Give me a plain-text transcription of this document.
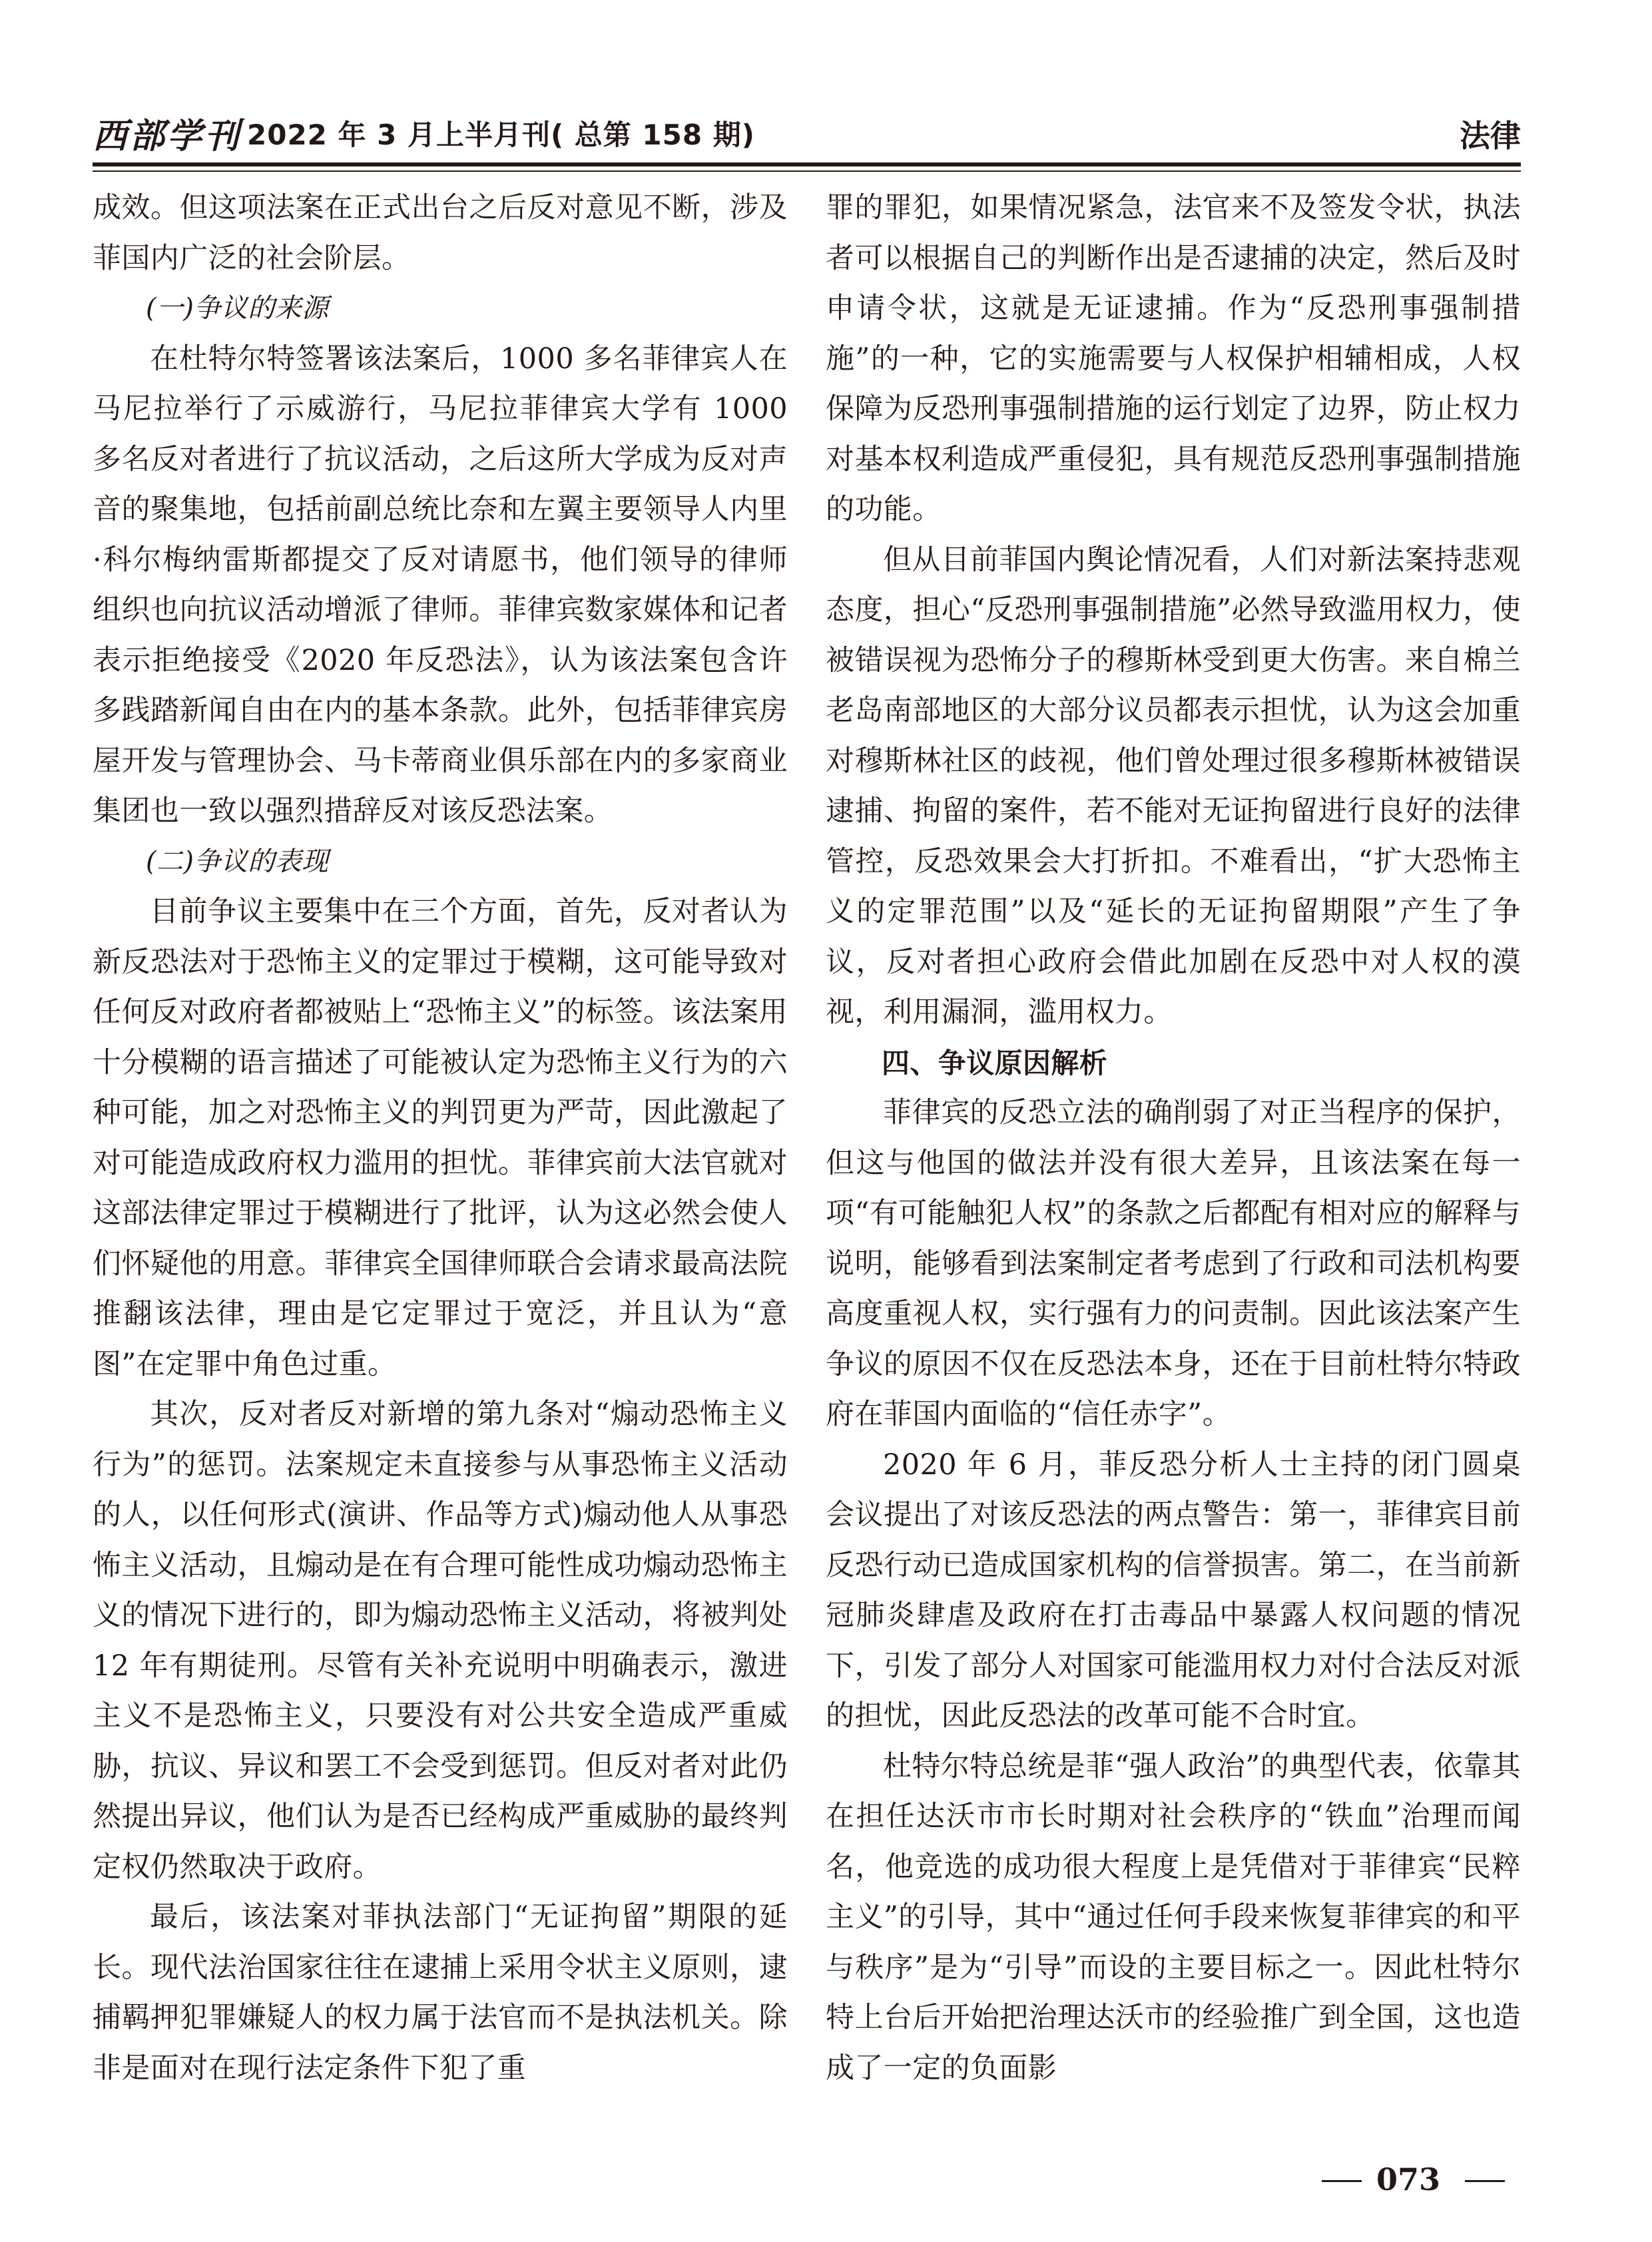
西部学刊 2022 年 3 月上半月刊( 总第 158 期)	法律

成效。但这项法案在正式出台之后反对意见不断，涉及菲国内广泛的社会阶层。

(一)争议的来源

在杜特尔特签署该法案后，1000 多名菲律宾人在马尼拉举行了示威游行，马尼拉菲律宾大学有 1000 多名反对者进行了抗议活动，之后这所大学成为反对声音的聚集地，包括前副总统比奈和左翼主要领导人内里·科尔梅纳雷斯都提交了反对请愿书，他们领导的律师组织也向抗议活动增派了律师。菲律宾数家媒体和记者表示拒绝接受《2020 年反恐法》，认为该法案包含许多践踏新闻自由在内的基本条款。此外，包括菲律宾房屋开发与管理协会、马卡蒂商业俱乐部在内的多家商业集团也一致以强烈措辞反对该反恐法案。

(二)争议的表现

目前争议主要集中在三个方面，首先，反对者认为新反恐法对于恐怖主义的定罪过于模糊，这可能导致对任何反对政府者都被贴上“恐怖主义”的标签。该法案用十分模糊的语言描述了可能被认定为恐怖主义行为的六种可能，加之对恐怖主义的判罚更为严苛，因此激起了对可能造成政府权力滥用的担忧。菲律宾前大法官就对这部法律定罪过于模糊进行了批评，认为这必然会使人们怀疑他的用意。菲律宾全国律师联合会请求最高法院推翻该法律，理由是它定罪过于宽泛，并且认为“意图”在定罪中角色过重。

其次，反对者反对新增的第九条对“煽动恐怖主义行为”的惩罚。法案规定未直接参与从事恐怖主义活动的人，以任何形式(演讲、作品等方式)煽动他人从事恐怖主义活动，且煽动是在有合理可能性成功煽动恐怖主义的情况下进行的，即为煽动恐怖主义活动，将被判处 12 年有期徒刑。尽管有关补充说明中明确表示，激进主义不是恐怖主义，只要没有对公共安全造成严重威胁，抗议、异议和罢工不会受到惩罚。但反对者对此仍然提出异议，他们认为是否已经构成严重威胁的最终判定权仍然取决于政府。

最后，该法案对菲执法部门“无证拘留”期限的延长。现代法治国家往往在逮捕上采用令状主义原则，逮捕羁押犯罪嫌疑人的权力属于法官而不是执法机关。除非是面对在现行法定条件下犯了重

罪的罪犯，如果情况紧急，法官来不及签发令状，执法者可以根据自己的判断作出是否逮捕的决定，然后及时申请令状，这就是无证逮捕。作为“反恐刑事强制措施”的一种，它的实施需要与人权保护相辅相成，人权保障为反恐刑事强制措施的运行划定了边界，防止权力对基本权利造成严重侵犯，具有规范反恐刑事强制措施的功能。

但从目前菲国内舆论情况看，人们对新法案持悲观态度，担心“反恐刑事强制措施”必然导致滥用权力，使被错误视为恐怖分子的穆斯林受到更大伤害。来自棉兰老岛南部地区的大部分议员都表示担忧，认为这会加重对穆斯林社区的歧视，他们曾处理过很多穆斯林被错误逮捕、拘留的案件，若不能对无证拘留进行良好的法律管控，反恐效果会大打折扣。不难看出，“扩大恐怖主义的定罪范围”以及“延长的无证拘留期限”产生了争议，反对者担心政府会借此加剧在反恐中对人权的漠视，利用漏洞，滥用权力。

四、争议原因解析

菲律宾的反恐立法的确削弱了对正当程序的保护，但这与他国的做法并没有很大差异，且该法案在每一项“有可能触犯人权”的条款之后都配有相对应的解释与说明，能够看到法案制定者考虑到了行政和司法机构要高度重视人权，实行强有力的问责制。因此该法案产生争议的原因不仅在反恐法本身，还在于目前杜特尔特政府在菲国内面临的“信任赤字”。

2020 年 6 月，菲反恐分析人士主持的闭门圆桌会议提出了对该反恐法的两点警告：第一，菲律宾目前反恐行动已造成国家机构的信誉损害。第二，在当前新冠肺炎肆虐及政府在打击毒品中暴露人权问题的情况下，引发了部分人对国家可能滥用权力对付合法反对派的担忧，因此反恐法的改革可能不合时宜。

杜特尔特总统是菲“强人政治”的典型代表，依靠其在担任达沃市市长时期对社会秩序的“铁血”治理而闻名，他竞选的成功很大程度上是凭借对于菲律宾“民粹主义”的引导，其中“通过任何手段来恢复菲律宾的和平与秩序”是为“引导”而设的主要目标之一。因此杜特尔特上台后开始把治理达沃市的经验推广到全国，这也造成了一定的负面影

073
